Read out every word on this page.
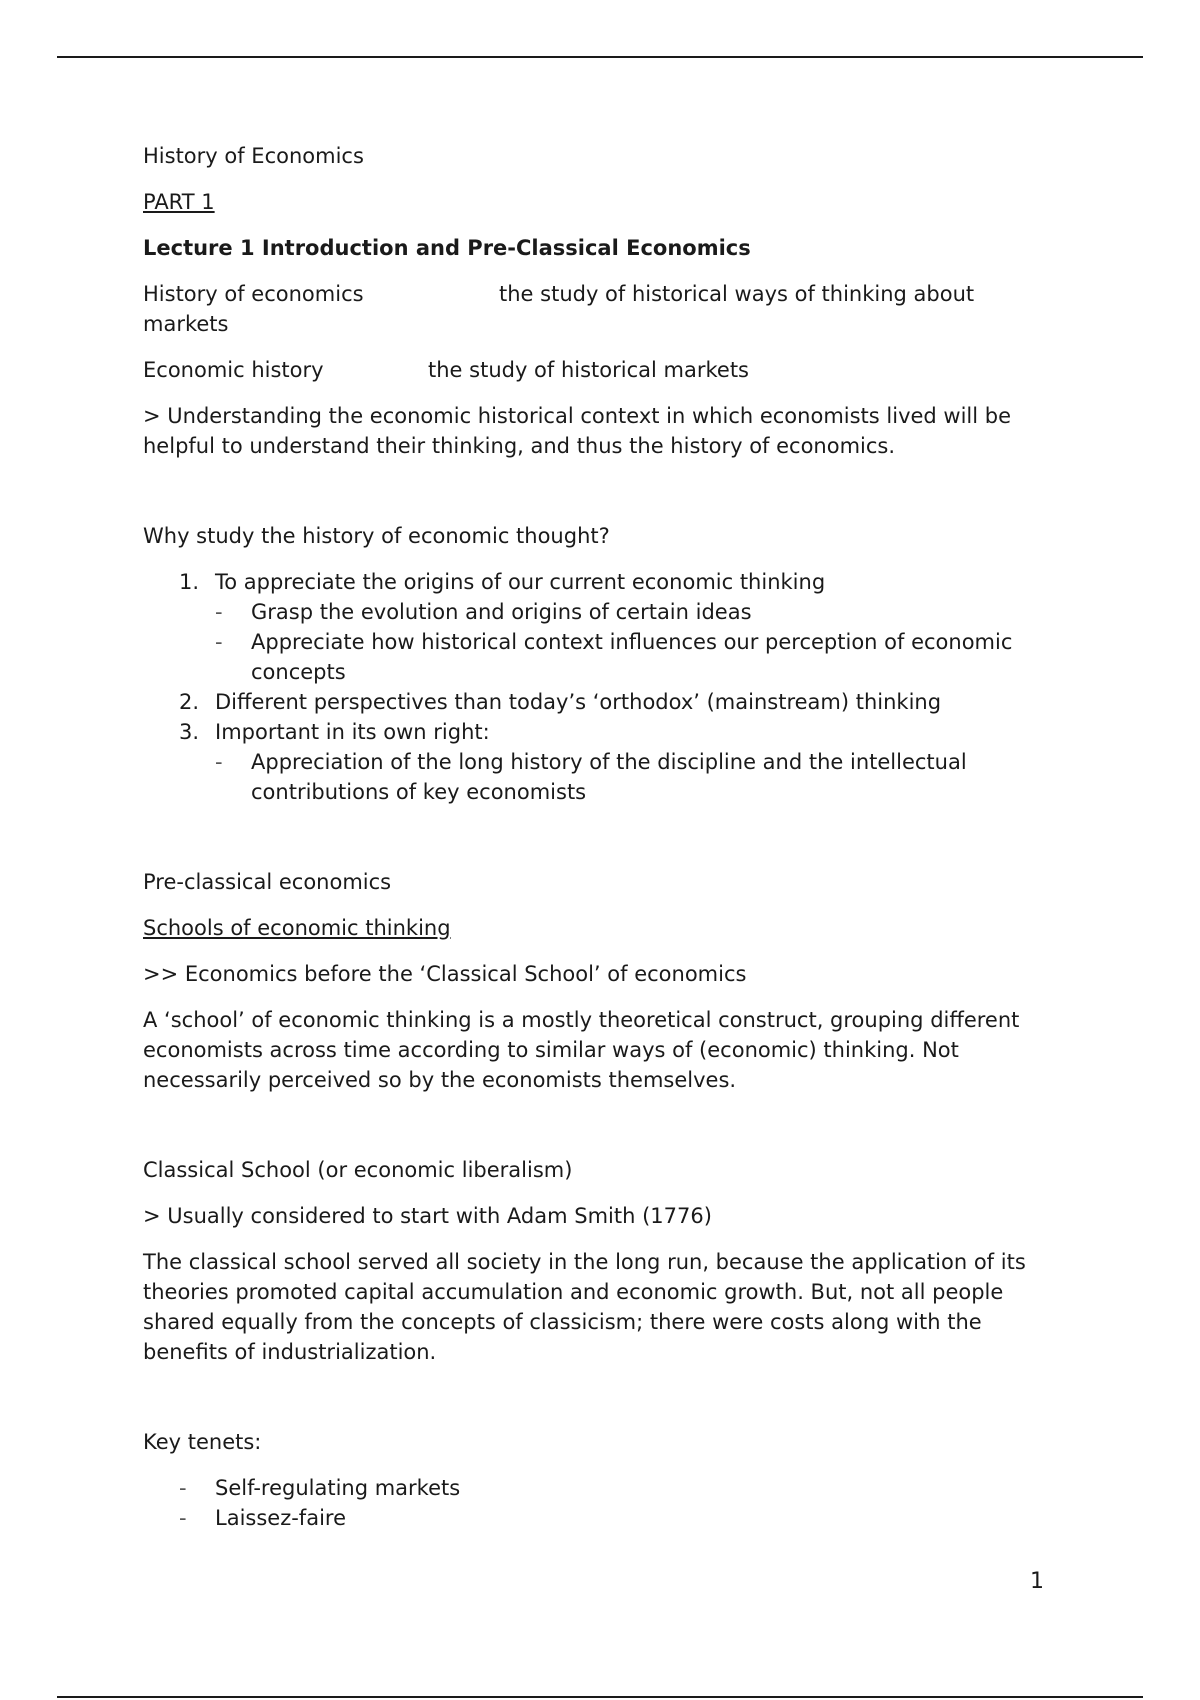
History of Economics

PART 1

Lecture 1 Introduction and Pre-Classical Economics

History of economics	the study of historical ways of thinking about markets
Economic history	the study of historical markets

> Understanding the economic historical context in which economists lived will be helpful to understand their thinking, and thus the history of economics.

Why study the history of economic thought?

1. To appreciate the origins of our current economic thinking
- Grasp the evolution and origins of certain ideas
- Appreciate how historical context influences our perception of economic concepts
2. Different perspectives than today’s ‘orthodox’ (mainstream) thinking
3. Important in its own right:
- Appreciation of the long history of the discipline and the intellectual contributions of key economists

Pre-classical economics

Schools of economic thinking

>> Economics before the ‘Classical School’ of economics

A ‘school’ of economic thinking is a mostly theoretical construct, grouping different economists across time according to similar ways of (economic) thinking. Not necessarily perceived so by the economists themselves.

Classical School (or economic liberalism)

> Usually considered to start with Adam Smith (1776)

The classical school served all society in the long run, because the application of its theories promoted capital accumulation and economic growth. But, not all people shared equally from the concepts of classicism; there were costs along with the benefits of industrialization.

Key tenets:

- Self-regulating markets
- Laissez-faire
1
